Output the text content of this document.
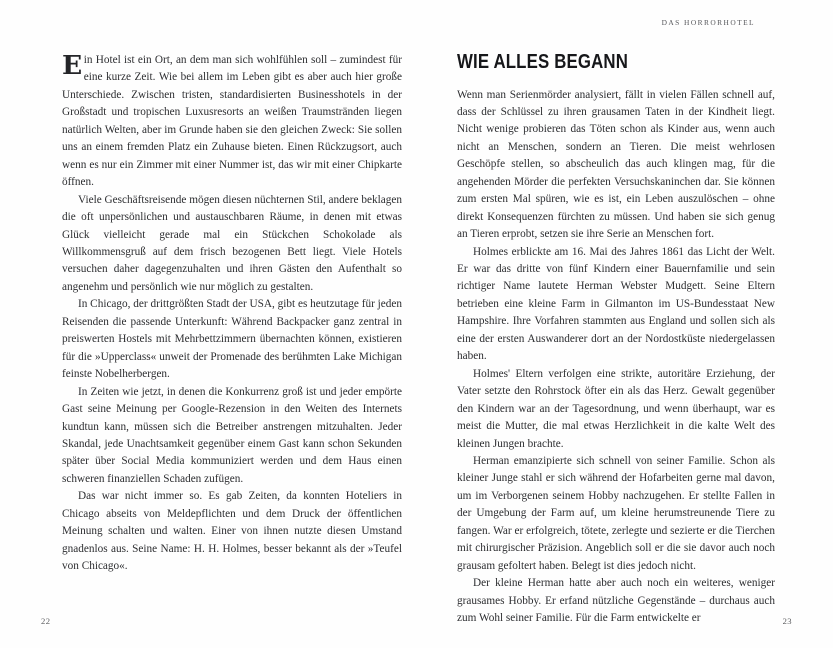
DAS HORRORHOTEL

Ein Hotel ist ein Ort, an dem man sich wohlfühlen soll – zumindest für eine kurze Zeit. Wie bei allem im Leben gibt es aber auch hier große Unterschiede. Zwischen tristen, standardisierten Businesshotels in der Großstadt und tropischen Luxusresorts an weißen Traumstränden liegen natürlich Welten, aber im Grunde haben sie den gleichen Zweck: Sie sollen uns an einem fremden Platz ein Zuhause bieten. Einen Rückzugsort, auch wenn es nur ein Zimmer mit einer Nummer ist, das wir mit einer Chipkarte öffnen.

Viele Geschäftsreisende mögen diesen nüchternen Stil, andere beklagen die oft unpersönlichen und austauschbaren Räume, in denen mit etwas Glück vielleicht gerade mal ein Stückchen Schokolade als Willkommensgruß auf dem frisch bezogenen Bett liegt. Viele Hotels versuchen daher dagegenzuhalten und ihren Gästen den Aufenthalt so angenehm und persönlich wie nur möglich zu gestalten.

In Chicago, der drittgrößten Stadt der USA, gibt es heutzutage für jeden Reisenden die passende Unterkunft: Während Backpacker ganz zentral in preiswerten Hostels mit Mehrbettzimmern übernachten können, existieren für die »Upperclass« unweit der Promenade des berühmten Lake Michigan feinste Nobelherbergen.

In Zeiten wie jetzt, in denen die Konkurrenz groß ist und jeder empörte Gast seine Meinung per Google-Rezension in den Weiten des Internets kundtun kann, müssen sich die Betreiber anstrengen mitzuhalten. Jeder Skandal, jede Unachtsamkeit gegenüber einem Gast kann schon Sekunden später über Social Media kommuniziert werden und dem Haus einen schweren finanziellen Schaden zufügen.

Das war nicht immer so. Es gab Zeiten, da konnten Hoteliers in Chicago abseits von Meldepflichten und dem Druck der öffentlichen Meinung schalten und walten. Einer von ihnen nutzte diesen Umstand gnadenlos aus. Seine Name: H. H. Holmes, besser bekannt als der »Teufel von Chicago«.

WIE ALLES BEGANN

Wenn man Serienmörder analysiert, fällt in vielen Fällen schnell auf, dass der Schlüssel zu ihren grausamen Taten in der Kindheit liegt. Nicht wenige probieren das Töten schon als Kinder aus, wenn auch nicht an Menschen, sondern an Tieren. Die meist wehrlosen Geschöpfe stellen, so abscheulich das auch klingen mag, für die angehenden Mörder die perfekten Versuchskaninchen dar. Sie können zum ersten Mal spüren, wie es ist, ein Leben auszulöschen – ohne direkt Konsequenzen fürchten zu müssen. Und haben sie sich genug an Tieren erprobt, setzen sie ihre Serie an Menschen fort.

Holmes erblickte am 16. Mai des Jahres 1861 das Licht der Welt. Er war das dritte von fünf Kindern einer Bauernfamilie und sein richtiger Name lautete Herman Webster Mudgett. Seine Eltern betrieben eine kleine Farm in Gilmanton im US-Bundesstaat New Hampshire. Ihre Vorfahren stammten aus England und sollen sich als eine der ersten Auswanderer dort an der Nordostküste niedergelassen haben.

Holmes' Eltern verfolgen eine strikte, autoritäre Erziehung, der Vater setzte den Rohrstock öfter ein als das Herz. Gewalt gegenüber den Kindern war an der Tagesordnung, und wenn überhaupt, war es meist die Mutter, die mal etwas Herzlichkeit in die kalte Welt des kleinen Jungen brachte.

Herman emanzipierte sich schnell von seiner Familie. Schon als kleiner Junge stahl er sich während der Hofarbeiten gerne mal davon, um im Verborgenen seinem Hobby nachzugehen. Er stellte Fallen in der Umgebung der Farm auf, um kleine herumstreunende Tiere zu fangen. War er erfolgreich, tötete, zerlegte und sezierte er die Tierchen mit chirurgischer Präzision. Angeblich soll er die sie davor auch noch grausam gefoltert haben. Belegt ist dies jedoch nicht.

Der kleine Herman hatte aber auch noch ein weiteres, weniger grausames Hobby. Er erfand nützliche Gegenstände – durchaus auch zum Wohl seiner Familie. Für die Farm entwickelte er

22	23
